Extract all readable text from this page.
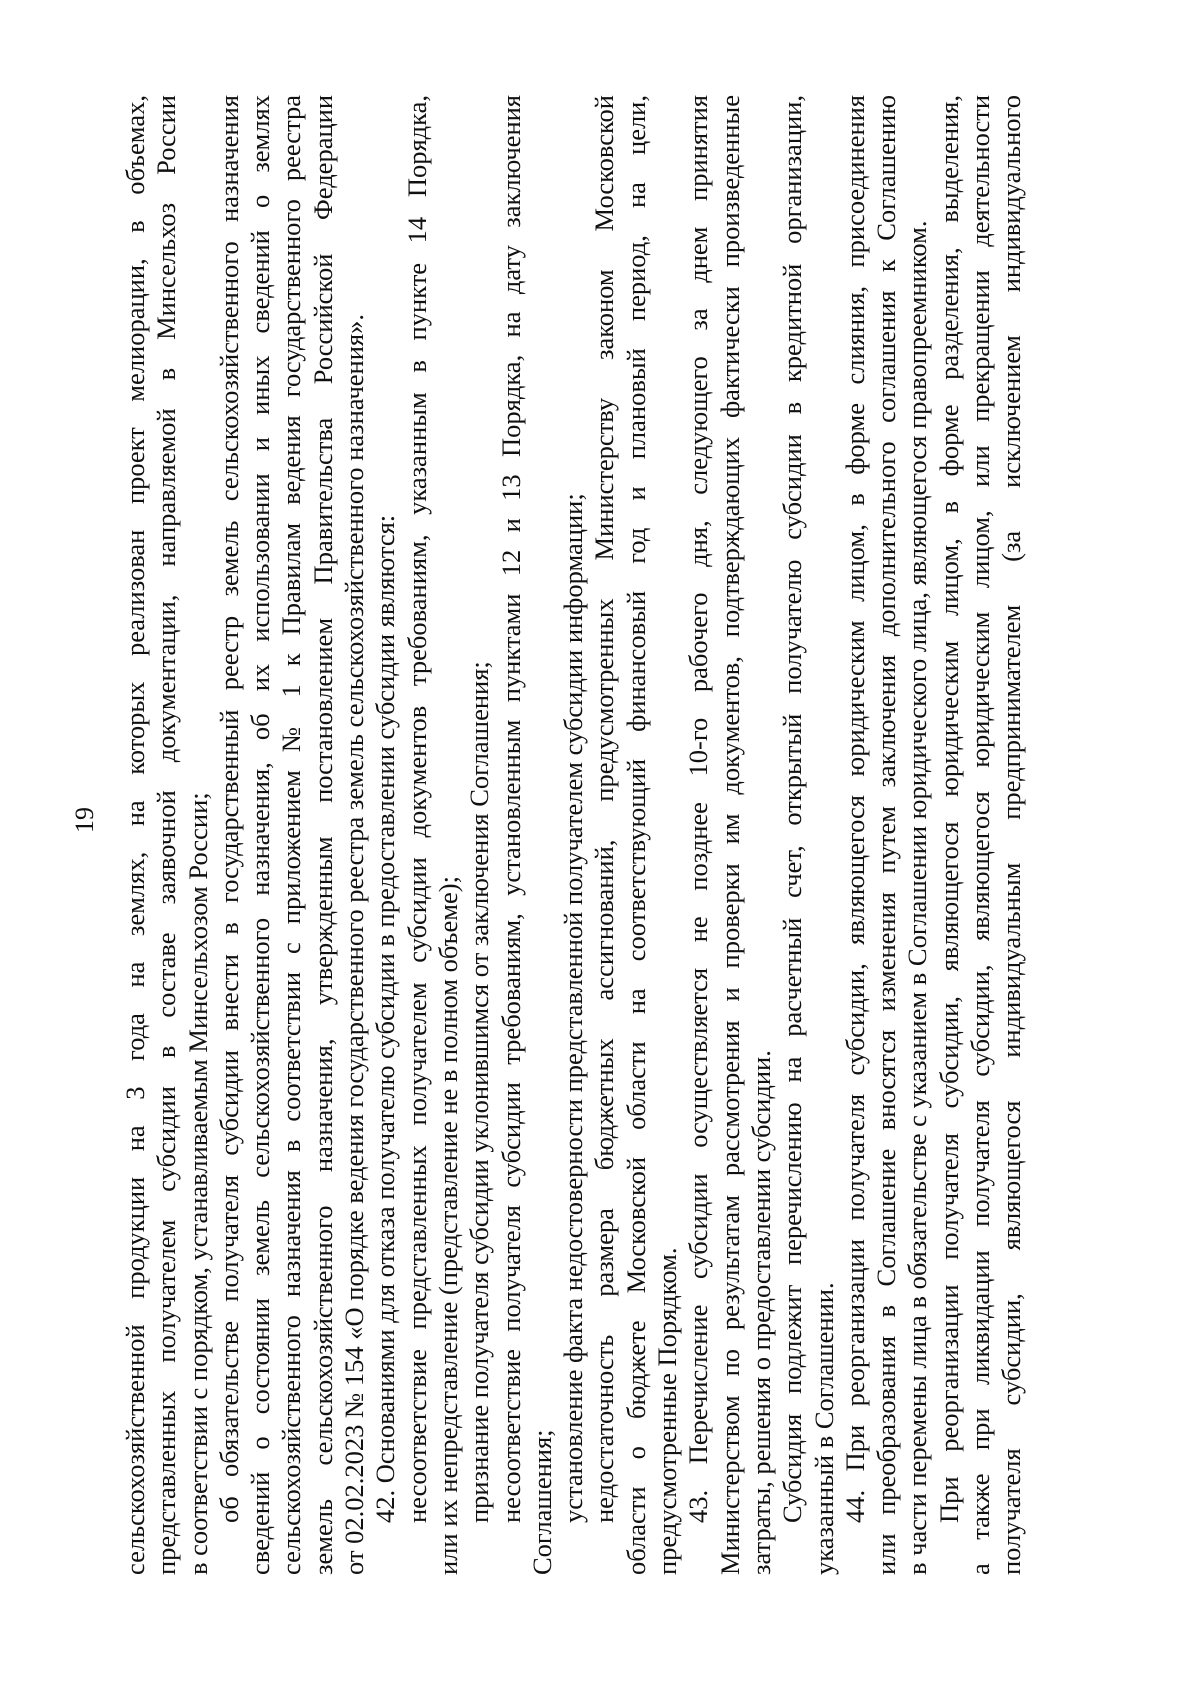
19 сельскохозяйственной продукции на 3 года на землях, на которых реализован проект мелиорации, в объемах, представленных получателем субсидии в составе заявочной документации, направляемой в Минсельхоз России в соответствии с порядком, устанавливаемым Минсельхозом России; об обязательстве получателя субсидии внести в государственный реестр земель сельскохозяйственного назначения сведений о состоянии земель сельскохозяйственного назначения, об их использовании и иных сведений о землях сельскохозяйственного назначения в соответствии с приложением № 1 к Правилам ведения государственного реестра земель сельскохозяйственного назначения, утвержденным постановлением Правительства Российской Федерации от 02.02.2023 № 154 «О порядке ведения государственного реестра земель сельскохозяйственного назначения». 42. Основаниями для отказа получателю субсидии в предоставлении субсидии являются: несоответствие представленных получателем субсидии документов требованиям, указанным в пункте 14 Порядка, или их непредставление (представление не в полном объеме); признание получателя субсидии уклонившимся от заключения Соглашения; несоответствие получателя субсидии требованиям, установленным пунктами 12 и 13 Порядка, на дату заключения Соглашения; установление факта недостоверности представленной получателем субсидии информации; недостаточность размера бюджетных ассигнований, предусмотренных Министерству законом Московской области о бюджете Московской области на соответствующий финансовый год и плановый период, на цели, предусмотренные Порядком. 43. Перечисление субсидии осуществляется не позднее 10-го рабочего дня, следующего за днем принятия Министерством по результатам рассмотрения и проверки им документов, подтверждающих фактически произведенные затраты, решения о предоставлении субсидии. Субсидия подлежит перечислению на расчетный счет, открытый получателю субсидии в кредитной организации, указанный в Соглашении. 44. При реорганизации получателя субсидии, являющегося юридическим лицом, в форме слияния, присоединения или преобразования в Соглашение вносятся изменения путем заключения дополнительного соглашения к Соглашению в части перемены лица в обязательстве с указанием в Соглашении юридического лица, являющегося правопреемником. При реорганизации получателя субсидии, являющегося юридическим лицом, в форме разделения, выделения, а также при ликвидации получателя субсидии, являющегося юридическим лицом, или прекращении деятельности получателя субсидии, являющегося индивидуальным предпринимателем (за исключением индивидуального
